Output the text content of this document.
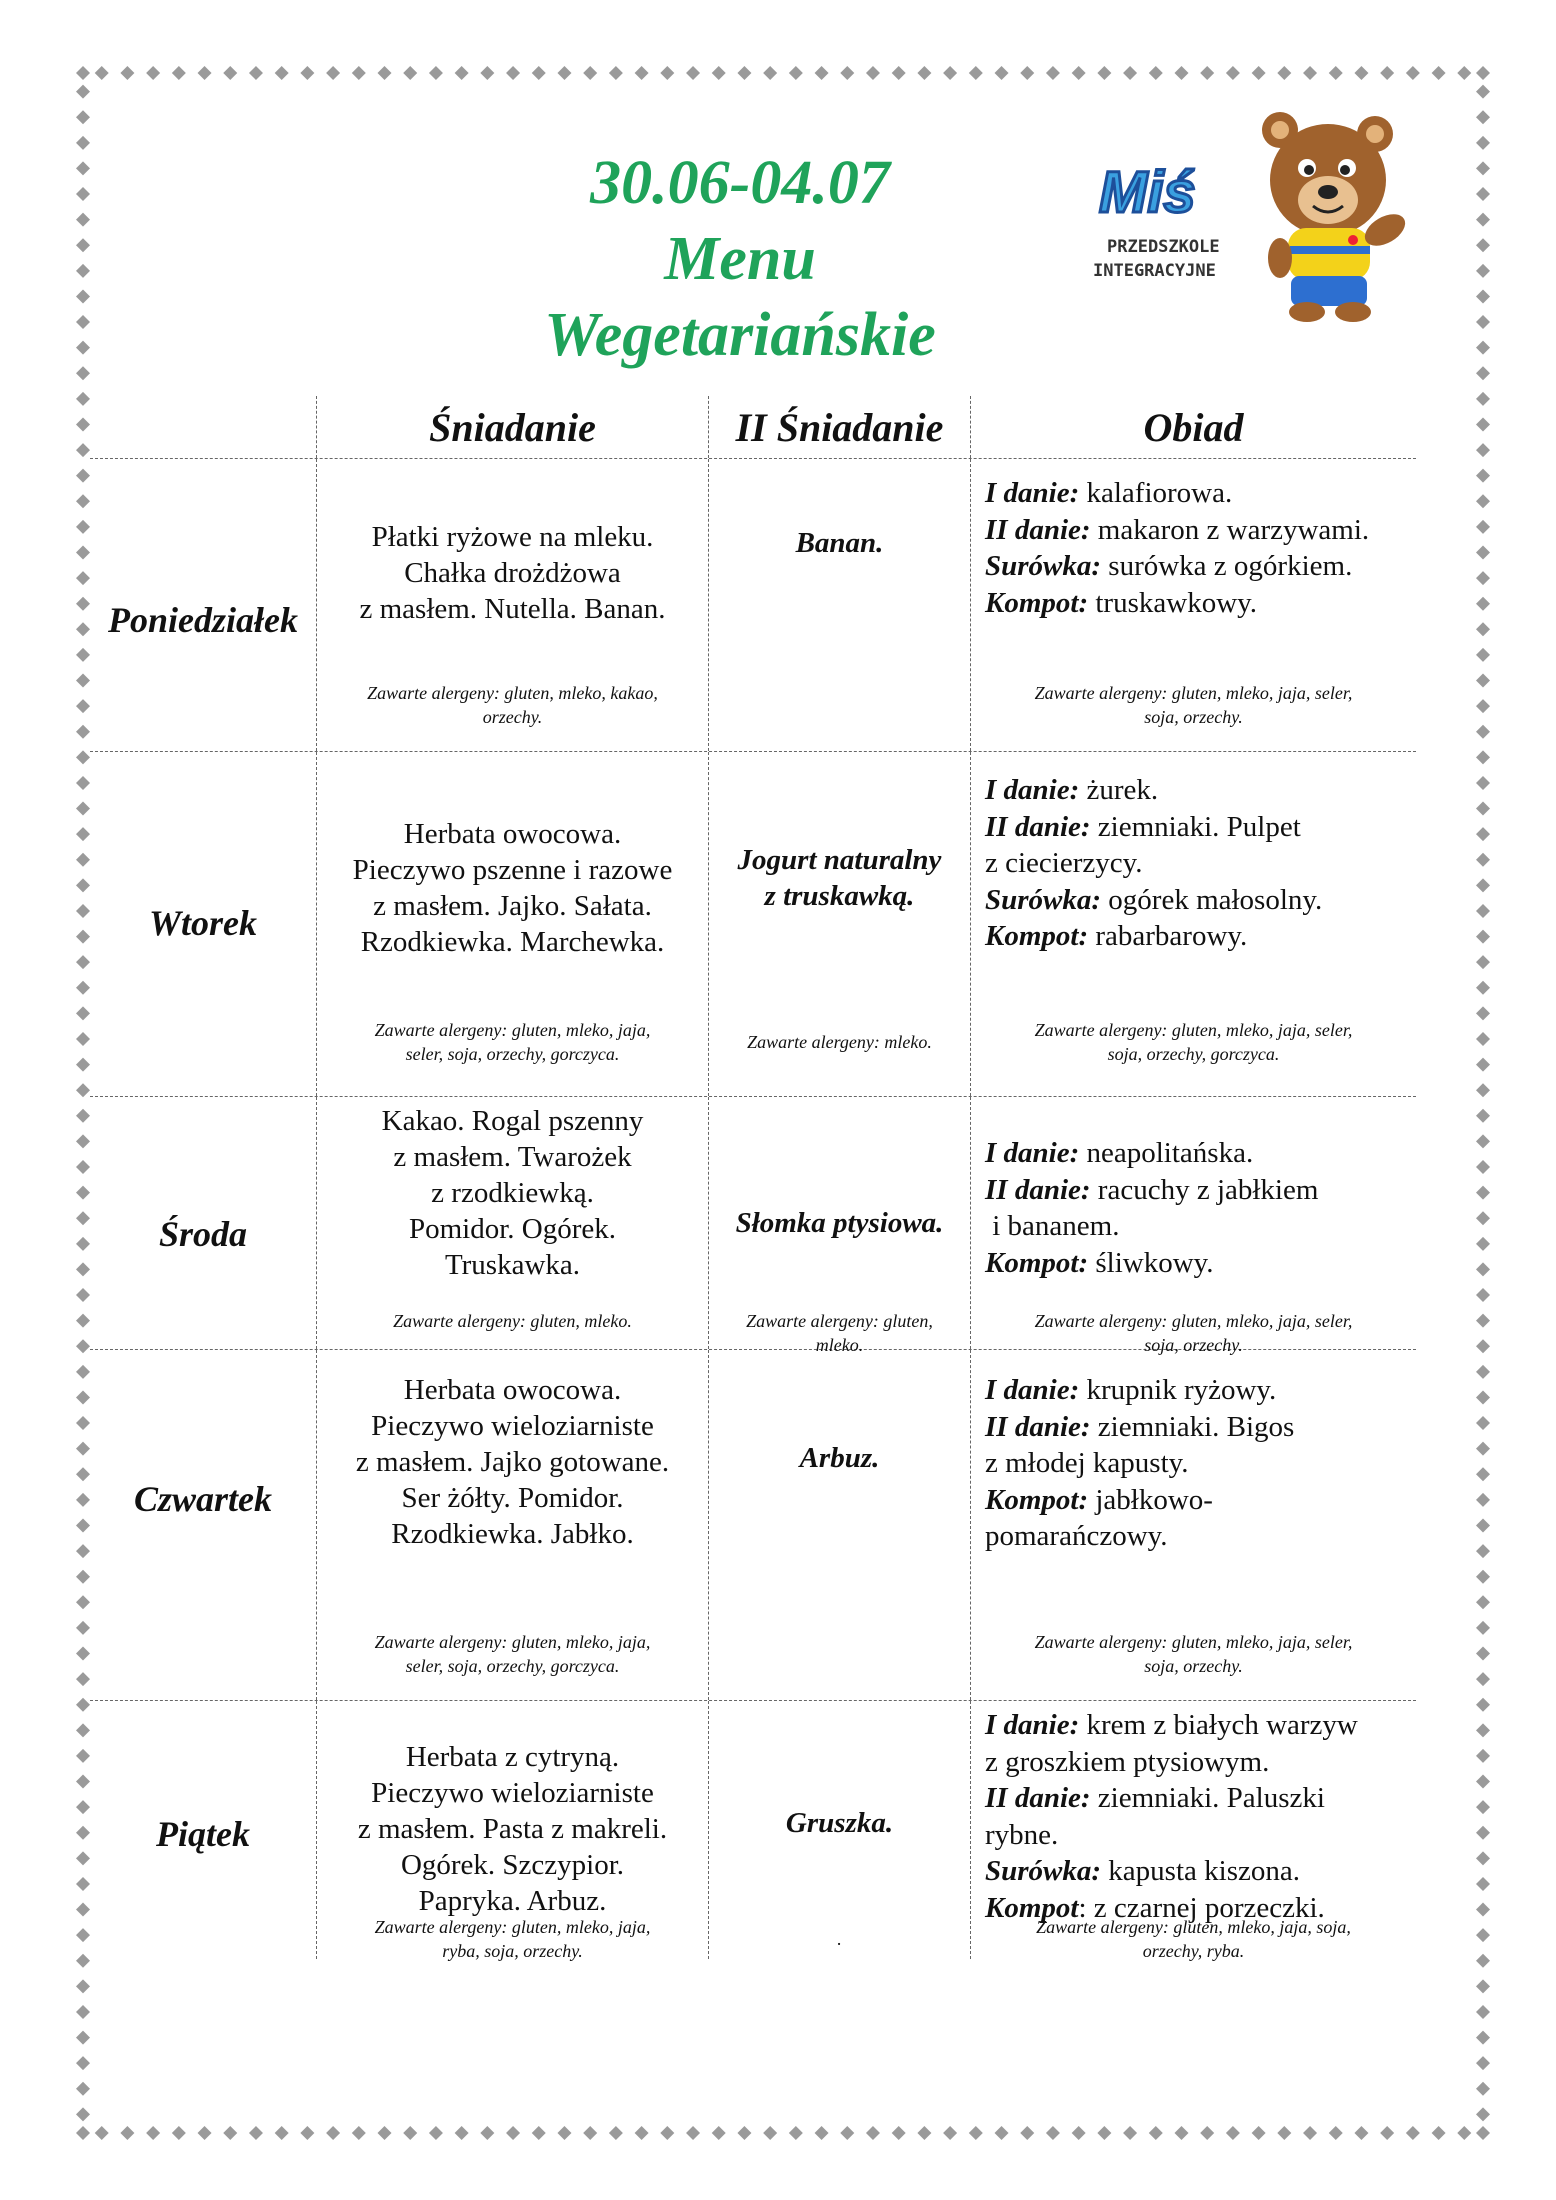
30.06-04.07
Menu
Wegetariańskie
Miś
PRZEDSZKOLE
INTEGRACYJNE
Śniadanie	II Śniadanie	Obiad
Poniedziałek
Płatki ryżowe na mleku.
Chałka drożdżowa
z masłem. Nutella. Banan.
Zawarte alergeny: gluten, mleko, kakao,
orzechy.
Banan.
I danie: kalafiorowa.
II danie: makaron z warzywami.
Surówka: surówka z ogórkiem.
Kompot: truskawkowy.
Zawarte alergeny: gluten, mleko, jaja, seler,
soja, orzechy.
Wtorek
Herbata owocowa.
Pieczywo pszenne i razowe
z masłem. Jajko. Sałata.
Rzodkiewka. Marchewka.
Zawarte alergeny: gluten, mleko, jaja,
seler, soja, orzechy, gorczyca.
Jogurt naturalny
z truskawką.
Zawarte alergeny: mleko.
I danie: żurek.
II danie: ziemniaki. Pulpet
z ciecierzycy.
Surówka: ogórek małosolny.
Kompot: rabarbarowy.
Zawarte alergeny: gluten, mleko, jaja, seler,
soja, orzechy, gorczyca.
Środa
Kakao. Rogal pszenny
z masłem. Twarożek
z rzodkiewką.
Pomidor. Ogórek.
Truskawka.
Zawarte alergeny: gluten, mleko.
Słomka ptysiowa.
Zawarte alergeny: gluten,
mleko.
I danie: neapolitańska.
II danie: racuchy z jabłkiem
i bananem.
Kompot: śliwkowy.
Zawarte alergeny: gluten, mleko, jaja, seler,
soja, orzechy.
Czwartek
Herbata owocowa.
Pieczywo wieloziarniste
z masłem. Jajko gotowane.
Ser żółty. Pomidor.
Rzodkiewka. Jabłko.
Zawarte alergeny: gluten, mleko, jaja,
seler, soja, orzechy, gorczyca.
Arbuz.
I danie: krupnik ryżowy.
II danie: ziemniaki. Bigos
z młodej kapusty.
Kompot: jabłkowo-
pomarańczowy.
Zawarte alergeny: gluten, mleko, jaja, seler,
soja, orzechy.
Piątek
Herbata z cytryną.
Pieczywo wieloziarniste
z masłem. Pasta z makreli.
Ogórek. Szczypior.
Papryka. Arbuz.
Zawarte alergeny: gluten, mleko, jaja,
ryba, soja, orzechy.
Gruszka.
.
I danie: krem z białych warzyw
z groszkiem ptysiowym.
II danie: ziemniaki. Paluszki
rybne.
Surówka: kapusta kiszona.
Kompot: z czarnej porzeczki.
Zawarte alergeny: gluten, mleko, jaja, soja,
orzechy, ryba.
